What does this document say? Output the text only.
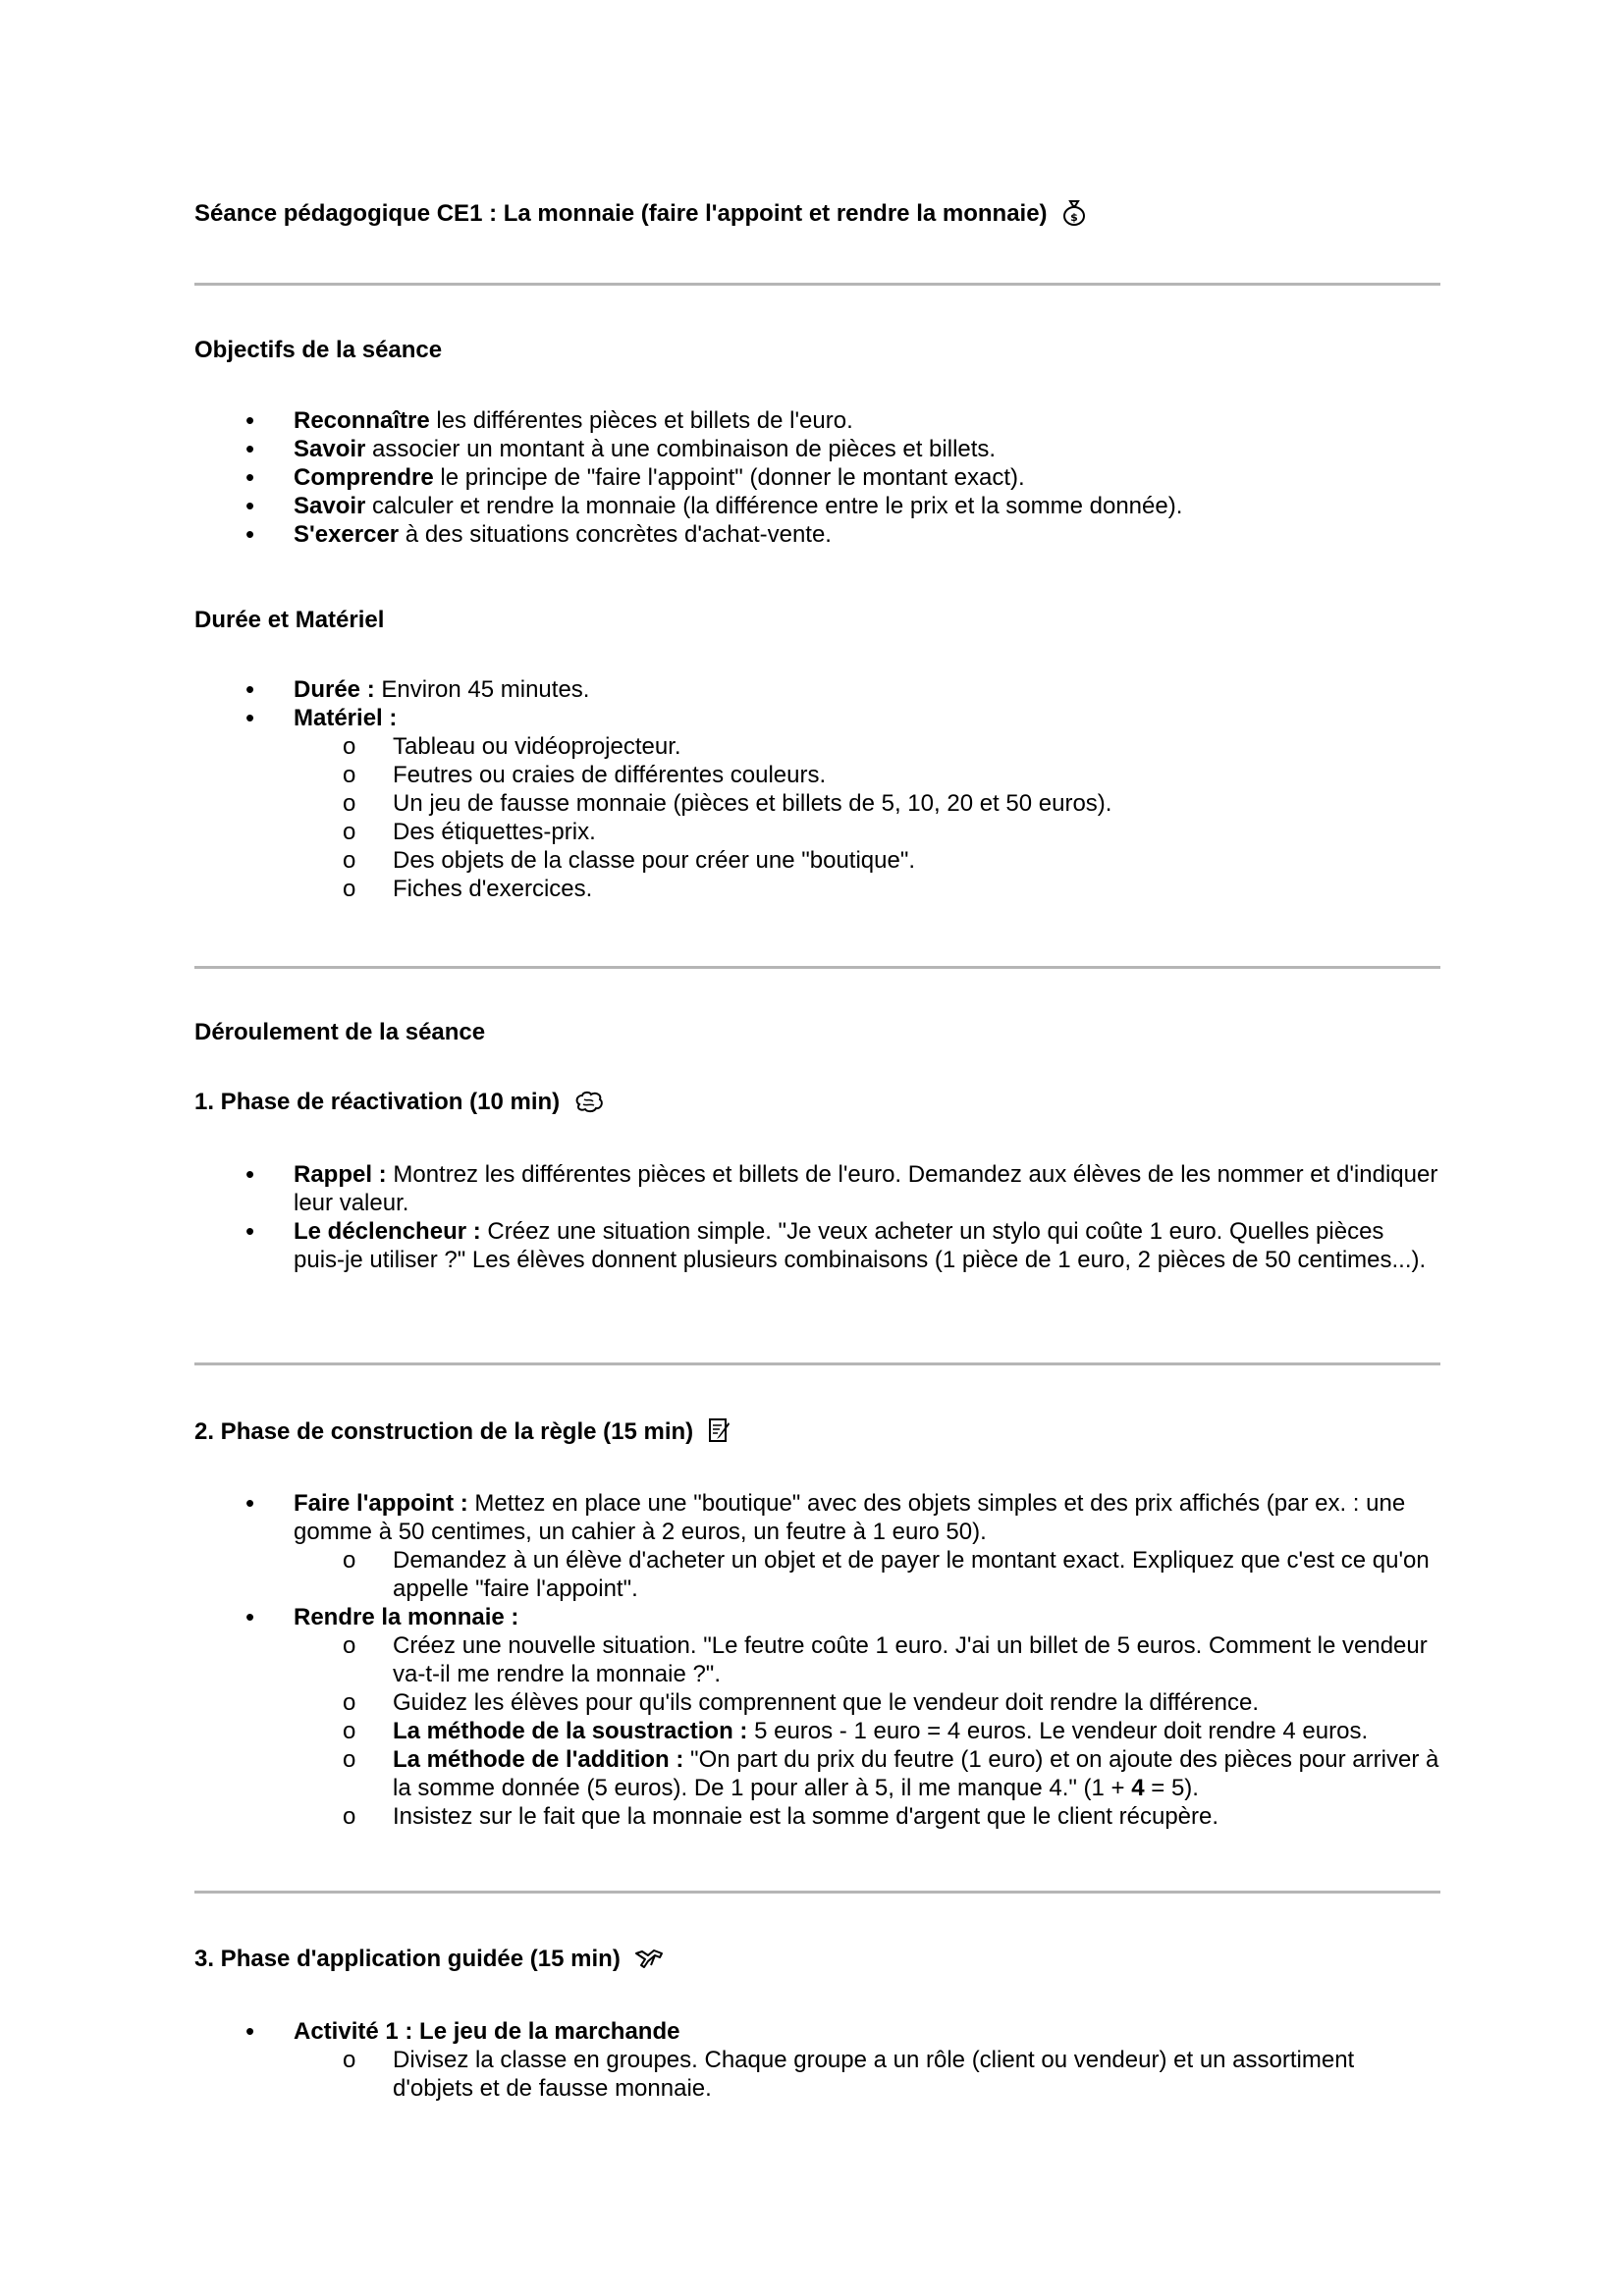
Séance pédagogique CE1 : La monnaie (faire l'appoint et rendre la monnaie) $
Objectifs de la séance
• Reconnaître les différentes pièces et billets de l'euro.
• Savoir associer un montant à une combinaison de pièces et billets.
• Comprendre le principe de "faire l'appoint" (donner le montant exact).
• Savoir calculer et rendre la monnaie (la différence entre le prix et la somme donnée).
• S'exercer à des situations concrètes d'achat-vente.
Durée et Matériel
• Durée : Environ 45 minutes.
• Matériel :
o Tableau ou vidéoprojecteur.
o Feutres ou craies de différentes couleurs.
o Un jeu de fausse monnaie (pièces et billets de 5, 10, 20 et 50 euros).
o Des étiquettes-prix.
o Des objets de la classe pour créer une "boutique".
o Fiches d'exercices.
Déroulement de la séance
1. Phase de réactivation (10 min)
• Rappel : Montrez les différentes pièces et billets de l'euro. Demandez aux élèves de les nommer et d'indiquer leur valeur.
• Le déclencheur : Créez une situation simple. "Je veux acheter un stylo qui coûte 1 euro. Quelles pièces puis-je utiliser ?" Les élèves donnent plusieurs combinaisons (1 pièce de 1 euro, 2 pièces de 50 centimes...).
2. Phase de construction de la règle (15 min)
• Faire l'appoint : Mettez en place une "boutique" avec des objets simples et des prix affichés (par ex. : une gomme à 50 centimes, un cahier à 2 euros, un feutre à 1 euro 50).
o Demandez à un élève d'acheter un objet et de payer le montant exact. Expliquez que c'est ce qu'on appelle "faire l'appoint".
• Rendre la monnaie :
o Créez une nouvelle situation. "Le feutre coûte 1 euro. J'ai un billet de 5 euros. Comment le vendeur va-t-il me rendre la monnaie ?".
o Guidez les élèves pour qu'ils comprennent que le vendeur doit rendre la différence.
o La méthode de la soustraction : 5 euros - 1 euro = 4 euros. Le vendeur doit rendre 4 euros.
o La méthode de l'addition : "On part du prix du feutre (1 euro) et on ajoute des pièces pour arriver à la somme donnée (5 euros). De 1 pour aller à 5, il me manque 4." (1 + 4 = 5).
o Insistez sur le fait que la monnaie est la somme d'argent que le client récupère.
3. Phase d'application guidée (15 min)
• Activité 1 : Le jeu de la marchande
o Divisez la classe en groupes. Chaque groupe a un rôle (client ou vendeur) et un assortiment d'objets et de fausse monnaie.
